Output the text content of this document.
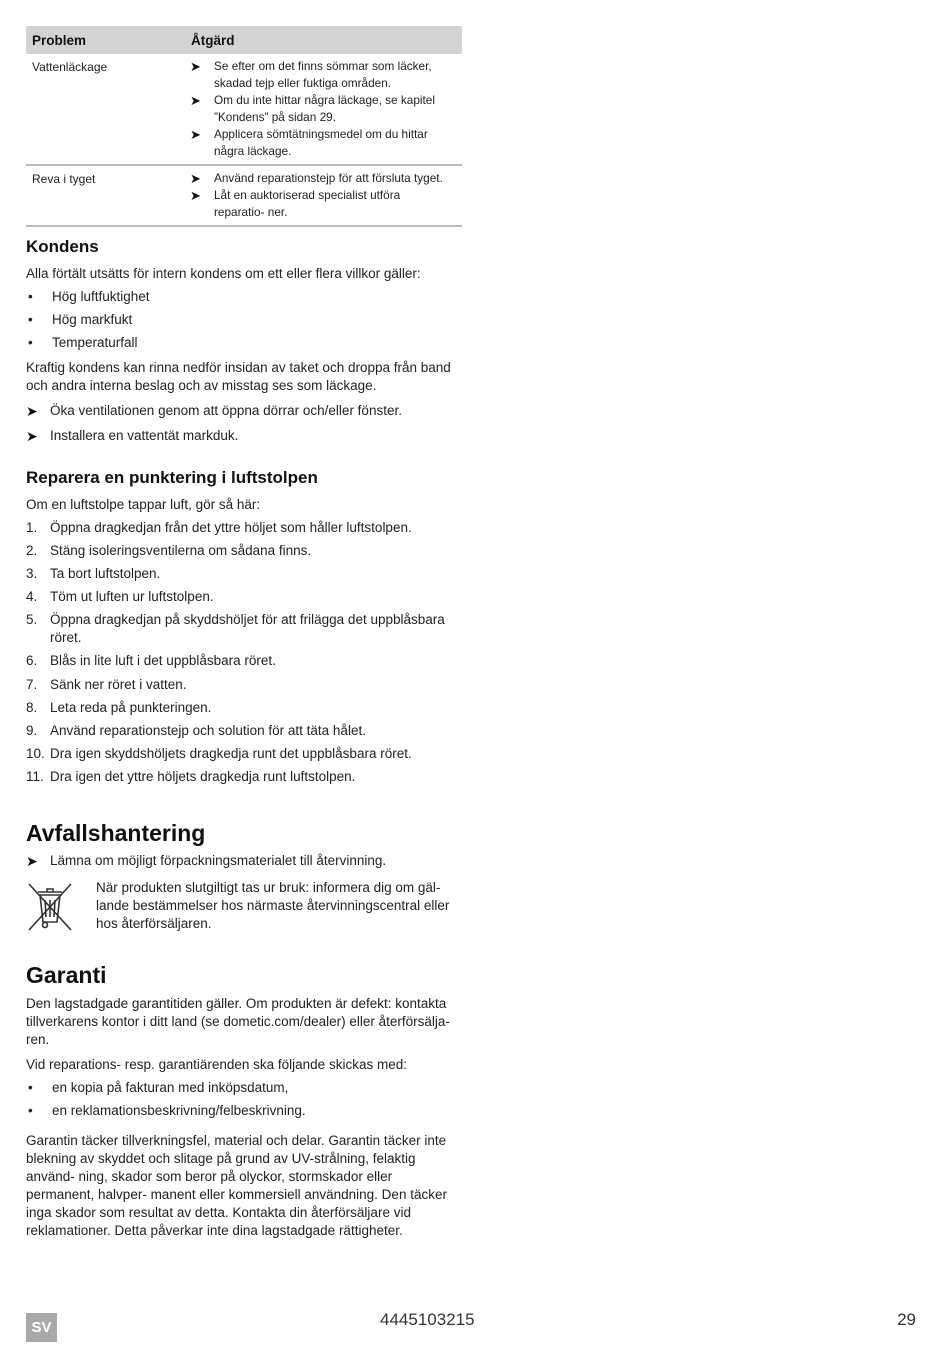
Problem	Åtgärd
Vattenläckage	➤	Se efter om det finns sömmar som läcker, skadad tejp eller fuktiga områden.
➤	Om du inte hittar några läckage, se kapitel ”Kondens” på sidan 29.
➤	Applicera sömtätningsmedel om du hittar några läckage.
Reva i tyget	➤	Använd reparationstejp för att försluta tyget.
➤	Låt en auktoriserad specialist utföra reparatio- ner.
Kondens

Alla förtält utsätts för intern kondens om ett eller flera villkor gäller:

•	Hög luftfuktighet
•	Hög markfukt
•	Temperaturfall

Kraftig kondens kan rinna nedför insidan av taket och droppa från band och andra interna beslag och av misstag ses som läckage.

➤ Öka ventilationen genom att öppna dörrar och/eller fönster.
➤ Installera en vattentät markduk.
Reparera en punktering i luftstolpen

Om en luftstolpe tappar luft, gör så här:

1. Öppna dragkedjan från det yttre höljet som håller luftstolpen.
2. Stäng isoleringsventilerna om sådana finns.
3. Ta bort luftstolpen.
4. Töm ut luften ur luftstolpen.
5. Öppna dragkedjan på skyddshöljet för att frilägga det uppblåsbara röret.
6. Blås in lite luft i det uppblåsbara röret.
7. Sänk ner röret i vatten.
8. Leta reda på punkteringen.
9. Använd reparationstejp och solution för att täta hålet.
10. Dra igen skyddshöljets dragkedja runt det uppblåsbara röret.
11. Dra igen det yttre höljets dragkedja runt luftstolpen.
Avfallshantering
➤ Lämna om möjligt förpackningsmaterialet till återvinning.

När produkten slutgiltigt tas ur bruk: informera dig om gäl- lande bestämmelser hos närmaste återvinningscentral eller hos återförsäljaren.

Garanti

Den lagstadgade garantitiden gäller. Om produkten är defekt: kontakta tillverkarens kontor i ditt land (se dometic.com/dealer) eller återförsälja- ren.

Vid reparations- resp. garantiärenden ska följande skickas med:

•	en kopia på fakturan med inköpsdatum,
•	en reklamationsbeskrivning/felbeskrivning.

Garantin täcker tillverkningsfel, material och delar. Garantin täcker inte blekning av skyddet och slitage på grund av UV-strålning, felaktig använd- ning, skador som beror på olyckor, stormskador eller permanent, halvper- manent eller kommersiell användning. Den täcker inga skador som resultat av detta. Kontakta din återförsäljare vid reklamationer. Detta påverkar inte dina lagstadgade rättigheter.

SV	4445103215	29
